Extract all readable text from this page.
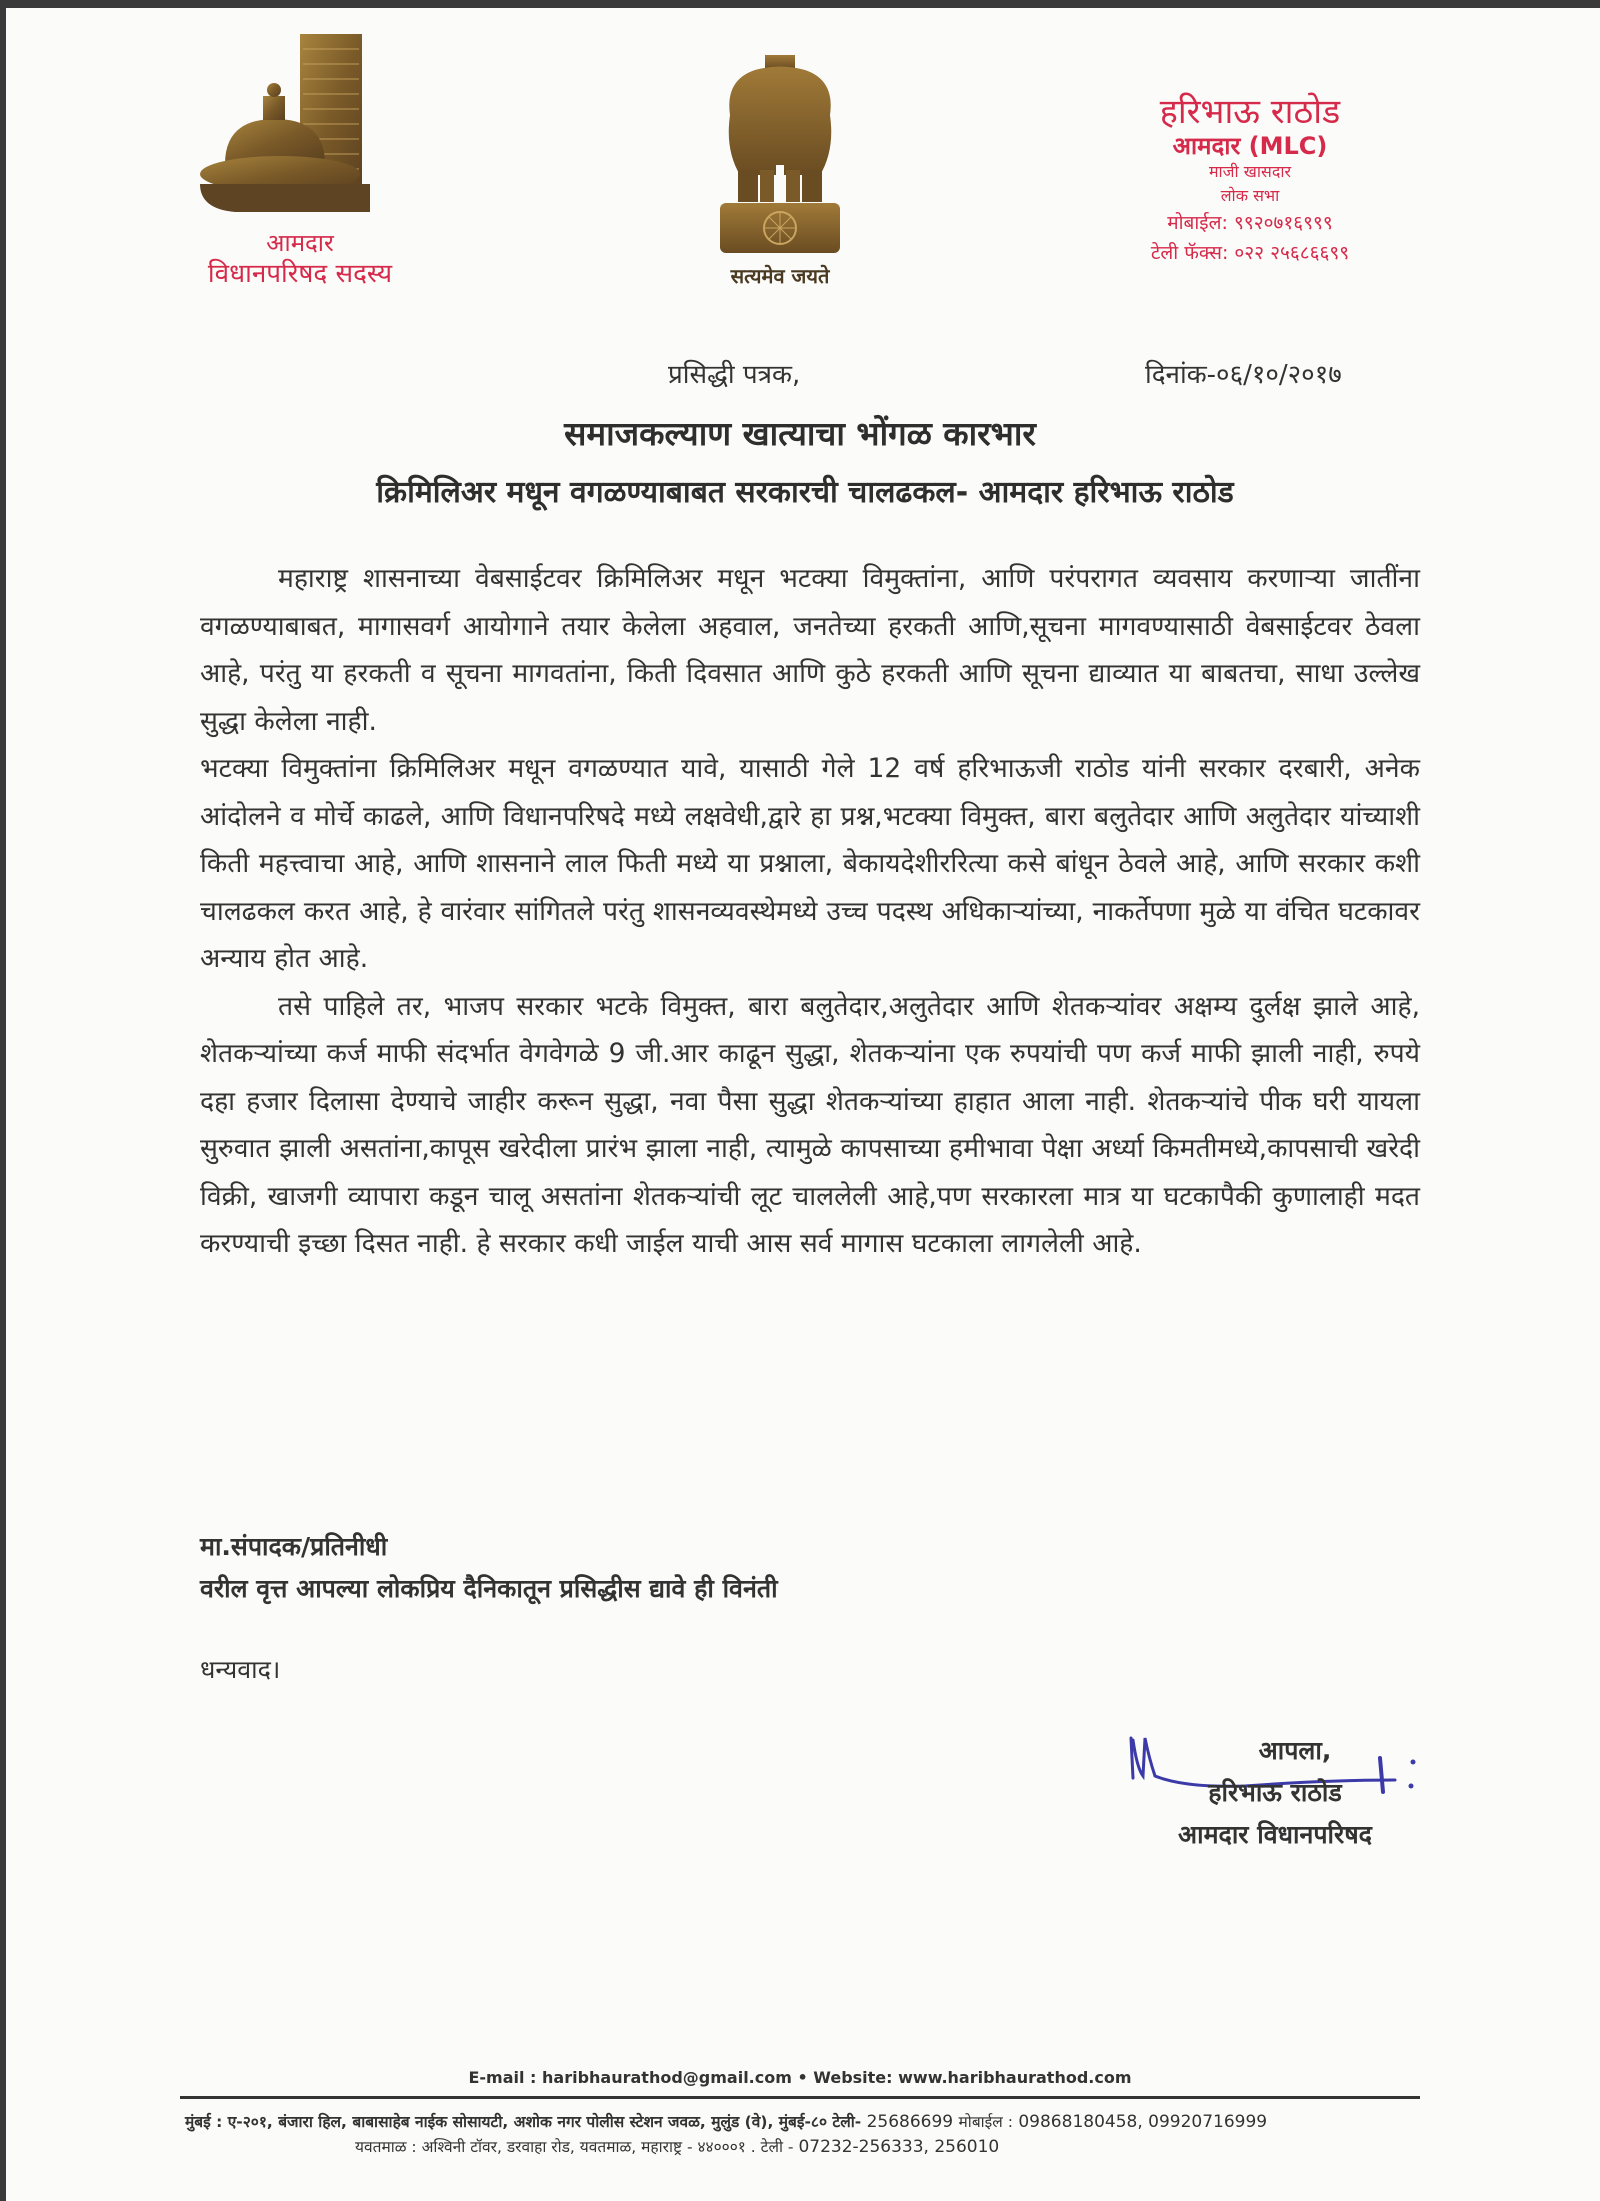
आमदार
विधानपरिषद सदस्य	सत्यमेव जयते
हरिभाऊ राठोड
आमदार (MLC)
माजी खासदार
लोक सभा
मोबाईल: ९९२०७१६९९९
टेली फॅक्स: ०२२ २५६८६६९९
प्रसिद्धी पत्रक,	दिनांक-०६/१०/२०१७
समाजकल्याण खात्याचा भोंगळ कारभार
क्रिमिलिअर मधून वगळण्याबाबत सरकारची चालढकल- आमदार हरिभाऊ राठोड

महाराष्ट्र शासनाच्या वेबसाईटवर क्रिमिलिअर मधून भटक्या विमुक्तांना, आणि परंपरागत व्यवसाय करणाऱ्या जातींना वगळण्याबाबत, मागासवर्ग आयोगाने तयार केलेला अहवाल, जनतेच्या हरकती आणि,सूचना मागवण्यासाठी वेबसाईटवर ठेवला आहे, परंतु या हरकती व सूचना मागवतांना, किती दिवसात आणि कुठे हरकती आणि सूचना द्याव्यात या बाबतचा, साधा उल्लेख सुद्धा केलेला नाही.

भटक्या विमुक्तांना क्रिमिलिअर मधून वगळण्यात यावे, यासाठी गेले 12 वर्ष हरिभाऊजी राठोड यांनी सरकार दरबारी, अनेक आंदोलने व मोर्चे काढले, आणि विधानपरिषदे मध्ये लक्षवेधी,द्वारे हा प्रश्न,भटक्या विमुक्त, बारा बलुतेदार आणि अलुतेदार यांच्याशी किती महत्त्वाचा आहे, आणि शासनाने लाल फिती मध्ये या प्रश्नाला, बेकायदेशीररित्या कसे बांधून ठेवले आहे, आणि सरकार कशी चालढकल करत आहे, हे वारंवार सांगितले परंतु शासनव्यवस्थेमध्ये उच्च पदस्थ अधिकाऱ्यांच्या, नाकर्तेपणा मुळे या वंचित घटकावर अन्याय होत आहे.

तसे पाहिले तर, भाजप सरकार भटके विमुक्त, बारा बलुतेदार,अलुतेदार आणि शेतकऱ्यांवर अक्षम्य दुर्लक्ष झाले आहे, शेतकऱ्यांच्या कर्ज माफी संदर्भात वेगवेगळे 9 जी.आर काढून सुद्धा, शेतकऱ्यांना एक रुपयांची पण कर्ज माफी झाली नाही, रुपये दहा हजार दिलासा देण्याचे जाहीर करून सुद्धा, नवा पैसा सुद्धा शेतकऱ्यांच्या हाहात आला नाही. शेतकऱ्यांचे पीक घरी यायला सुरुवात झाली असतांना,कापूस खरेदीला प्रारंभ झाला नाही, त्यामुळे कापसाच्या हमीभावा पेक्षा अर्ध्या किमतीमध्ये,कापसाची खरेदी विक्री, खाजगी व्यापारा कडून चालू असतांना शेतकऱ्यांची लूट चाललेली आहे,पण सरकारला मात्र या घटकापैकी कुणालाही मदत करण्याची इच्छा दिसत नाही. हे सरकार कधी जाईल याची आस सर्व मागास घटकाला लागलेली आहे.

मा.संपादक/प्रतिनीधी
वरील वृत्त आपल्या लोकप्रिय दैनिकातून प्रसिद्धीस द्यावे ही विनंती
धन्यवाद।
आपला,
हरिभाऊ राठोड
आमदार विधानपरिषद
E-mail : haribhaurathod@gmail.com • Website: www.haribhaurathod.com
मुंबई : ए-२०१, बंजारा हिल, बाबासाहेब नाईक सोसायटी, अशोक नगर पोलीस स्टेशन जवळ, मुलुंड (वे), मुंबई-८० टेली- 25686699 मोबाईल : 09868180458, 09920716999
यवतमाळ : अश्विनी टॉवर, डरवाहा रोड, यवतमाळ, महाराष्ट्र - ४४०००१ . टेली - 07232-256333, 256010
